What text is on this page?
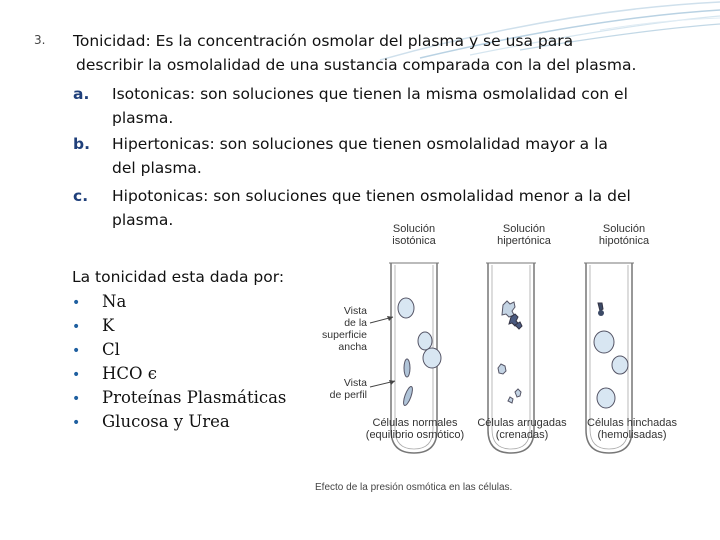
3. Tonicidad: Es la concentración osmolar del plasma y se usa para
describir la osmolalidad de una sustancia comparada con la del plasma.
a. Isotonicas: son soluciones que tienen la misma osmolalidad con el
plasma.
b. Hipertonicas: son soluciones que tienen osmolalidad mayor a la
del plasma.
c. Hipotonicas: son soluciones que tienen osmolalidad menor a la del
plasma.
La tonicidad esta dada por:
• Na
• K
• Cl
• HCO є
• Proteínas Plasmáticas
• Glucosa y Urea
Solución
isotónica
Solución
hipertónica
Solución
hipotónica
Vista
de la
superficie
ancha
Vista
de perfil
Células normales
(equilibrio osmótico)
Células arrugadas
(crenadas)
Células hinchadas
(hemolisadas)
Efecto de la presión osmótica en las células.
